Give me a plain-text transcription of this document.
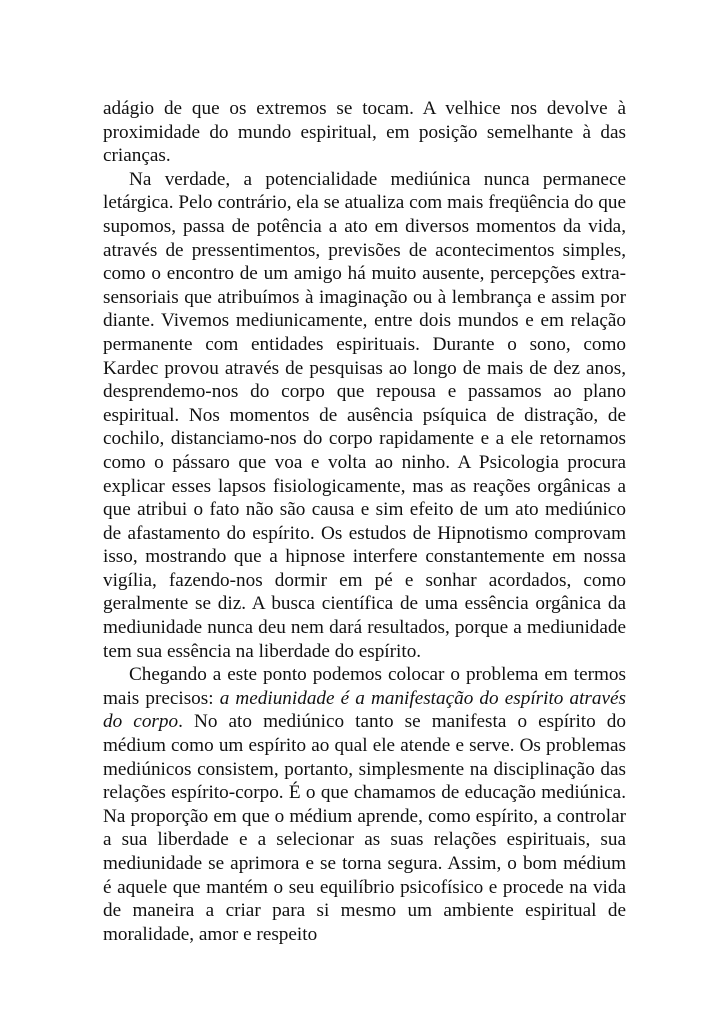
adágio de que os extremos se tocam. A velhice nos devolve à proximidade do mundo espiritual, em posição semelhante à das crianças.

Na verdade, a potencialidade mediúnica nunca permanece letárgica. Pelo contrário, ela se atualiza com mais freqüência do que supomos, passa de potência a ato em diversos momentos da vida, através de pressentimentos, previsões de acontecimentos simples, como o encontro de um amigo há muito ausente, percepções extra-sensoriais que atribuímos à imaginação ou à lembrança e assim por diante. Vivemos mediunicamente, entre dois mundos e em relação permanente com entidades espirituais. Durante o sono, como Kardec provou através de pesquisas ao longo de mais de dez anos, desprendemo-nos do corpo que repousa e passamos ao plano espiritual. Nos momentos de ausência psíquica de distração, de cochilo, distanciamo-nos do corpo rapidamente e a ele retornamos como o pássaro que voa e volta ao ninho. A Psicologia procura explicar esses lapsos fisiologicamente, mas as reações orgânicas a que atribui o fato não são causa e sim efeito de um ato mediúnico de afastamento do espírito. Os estudos de Hipnotismo comprovam isso, mostrando que a hipnose interfere constantemente em nossa vigília, fazendo-nos dormir em pé e sonhar acordados, como geralmente se diz. A busca científica de uma essência orgânica da mediunidade nunca deu nem dará resultados, porque a mediunidade tem sua essência na liberdade do espírito.

Chegando a este ponto podemos colocar o problema em termos mais precisos: a mediunidade é a manifestação do espírito através do corpo. No ato mediúnico tanto se manifesta o espírito do médium como um espírito ao qual ele atende e serve. Os problemas mediúnicos consistem, portanto, simplesmente na disciplinação das relações espírito-corpo. É o que chamamos de educação mediúnica. Na proporção em que o médium aprende, como espírito, a controlar a sua liberdade e a selecionar as suas relações espirituais, sua mediunidade se aprimora e se torna segura. Assim, o bom médium é aquele que mantém o seu equilíbrio psicofísico e procede na vida de maneira a criar para si mesmo um ambiente espiritual de moralidade, amor e respeito
